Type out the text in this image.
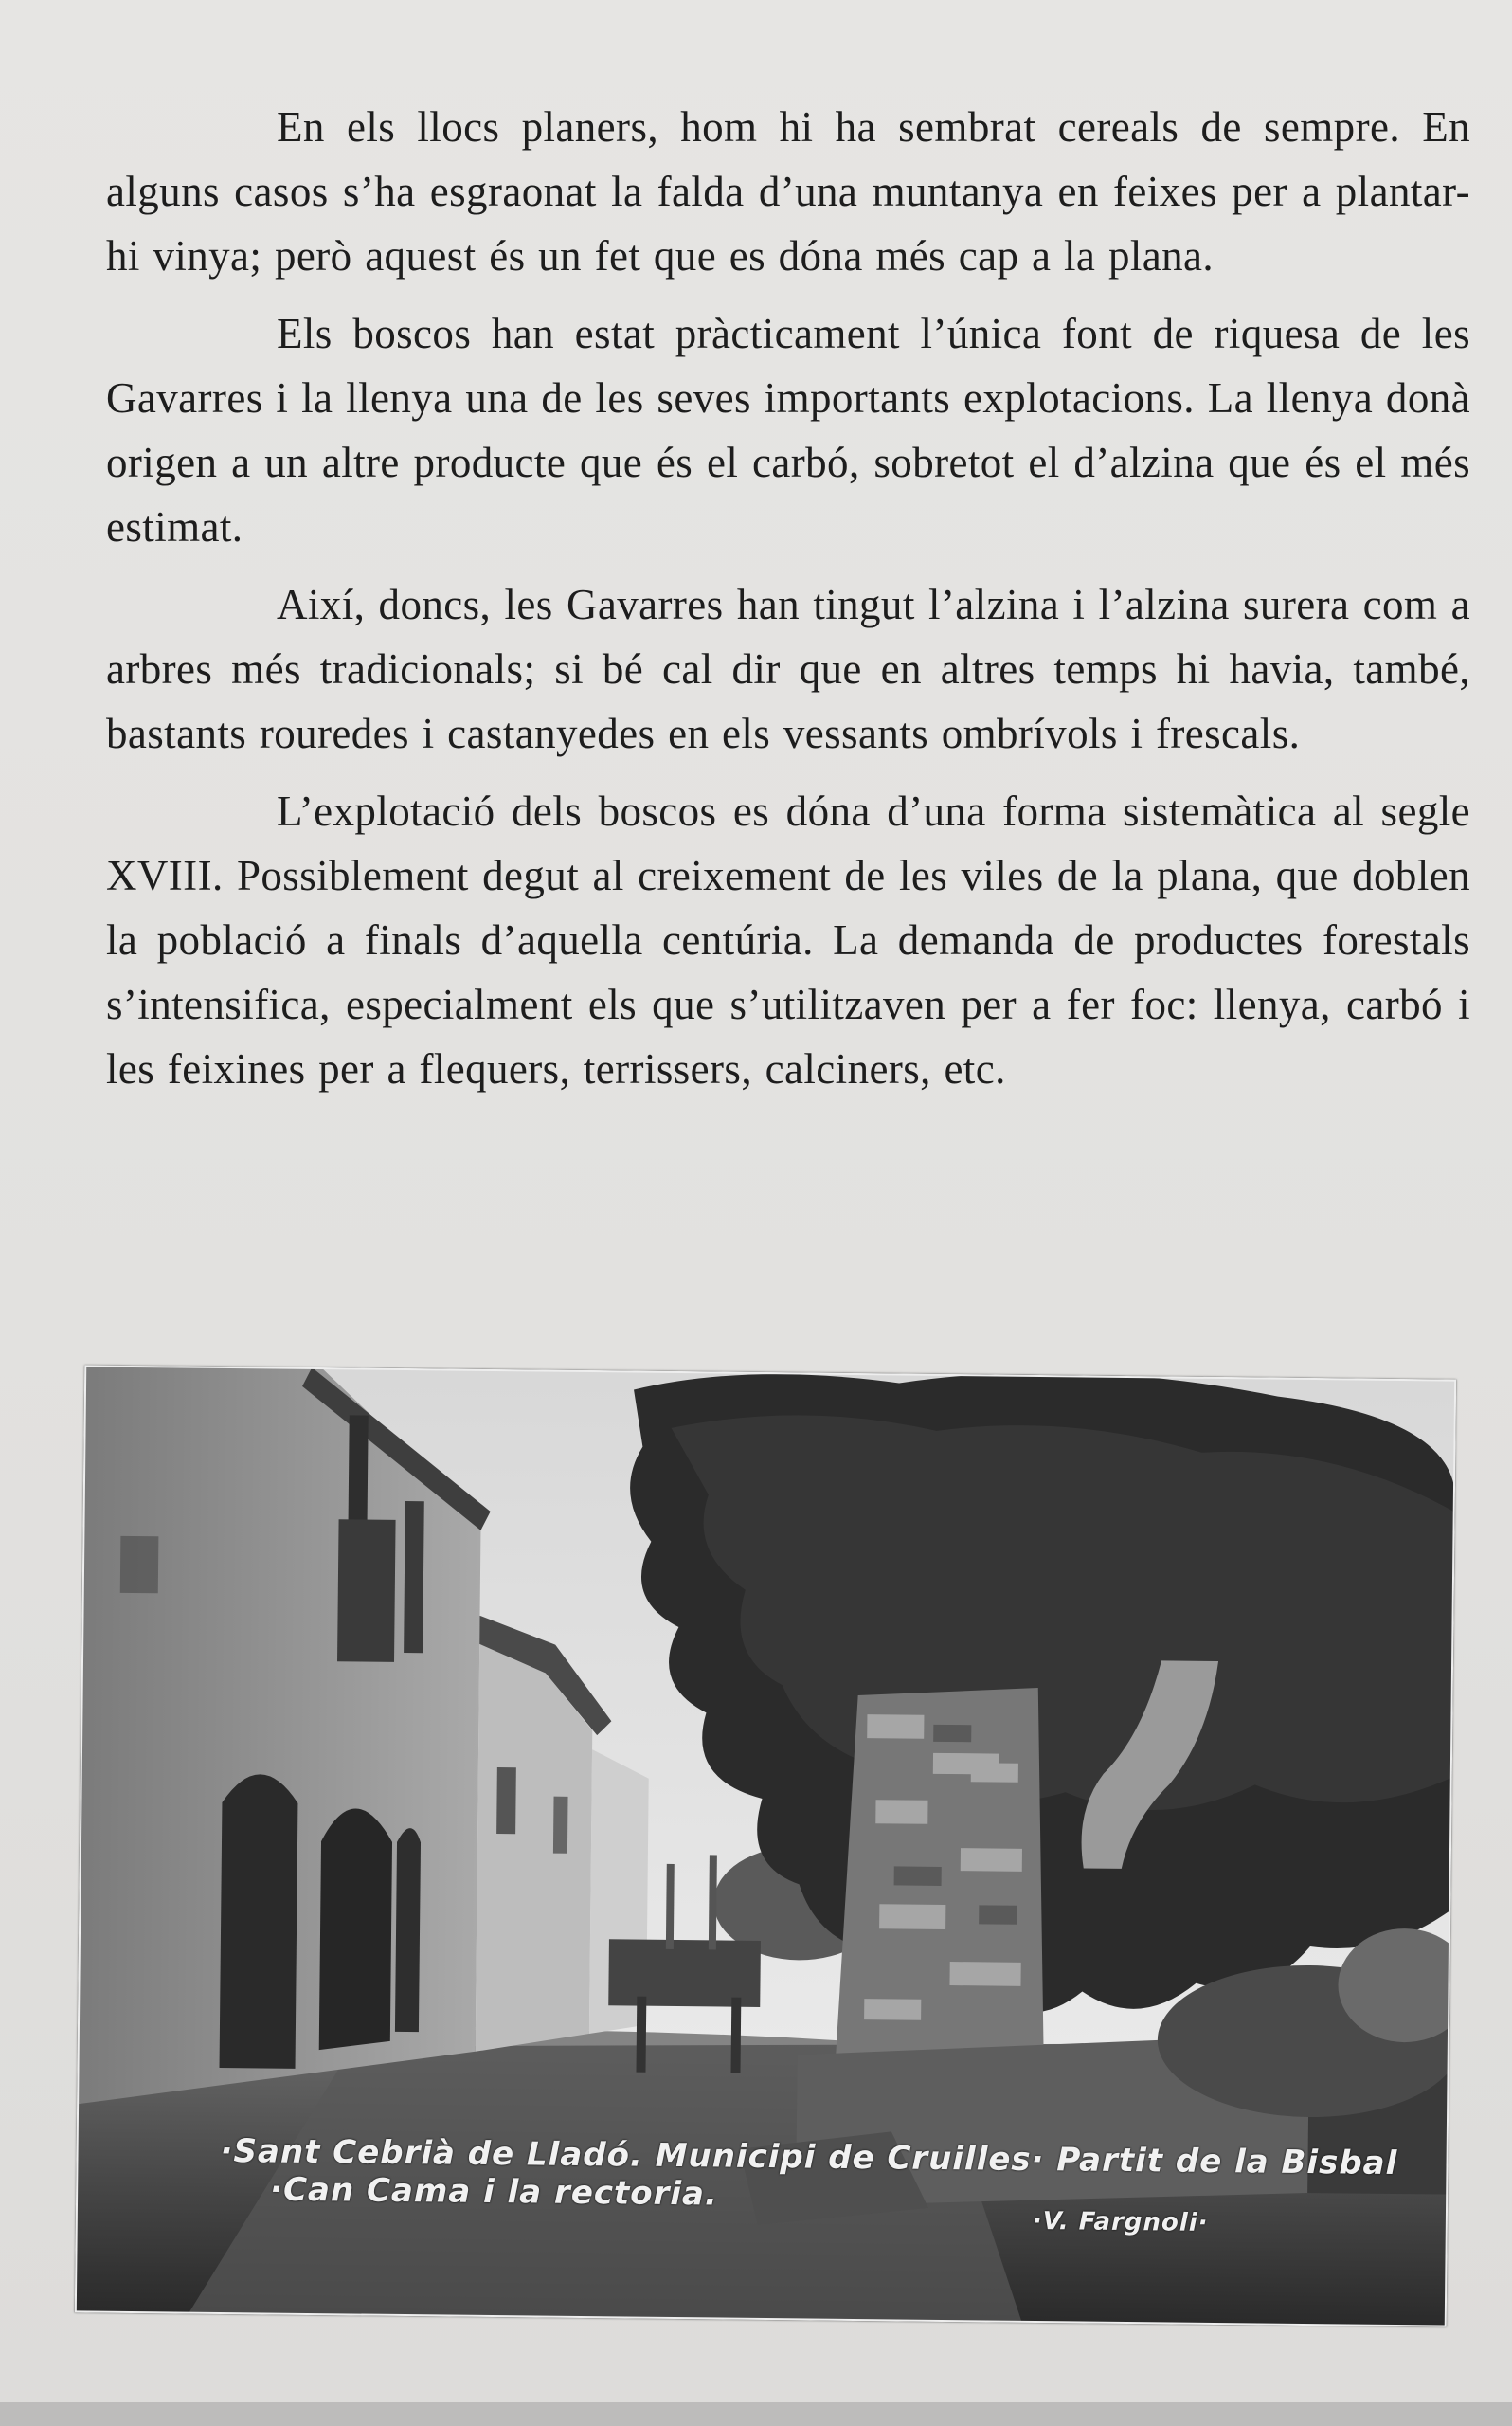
En els llocs planers, hom hi ha sembrat cereals de sempre. En alguns casos s’ha esgraonat la falda d’una muntanya en feixes per a plantar-hi vinya; però aquest és un fet que es dóna més cap a la plana.

Els boscos han estat pràcticament l’única font de riquesa de les Gavarres i la llenya una de les seves importants explotacions. La llenya donà origen a un altre producte que és el carbó, sobretot el d’alzina que és el més estimat.

Així, doncs, les Gavarres han tingut l’alzina i l’alzina surera com a arbres més tradicionals; si bé cal dir que en altres temps hi havia, també, bastants rouredes i castanyedes en els vessants ombrívols i frescals.

L’explotació dels boscos es dóna d’una forma sistemàtica al segle XVIII. Possiblement degut al creixement de les viles de la plana, que doblen la població a finals d’aquella centúria. La demanda de productes forestals s’intensifica, especialment els que s’utilitzaven per a fer foc: llenya, carbó i les feixines per a flequers, terrissers, calciners, etc.

·Sant Cebrià de Lladó. Municipi de Cruilles· Partit de la Bisbal
·Can Cama i la rectoria.
·V. Fargnoli·
